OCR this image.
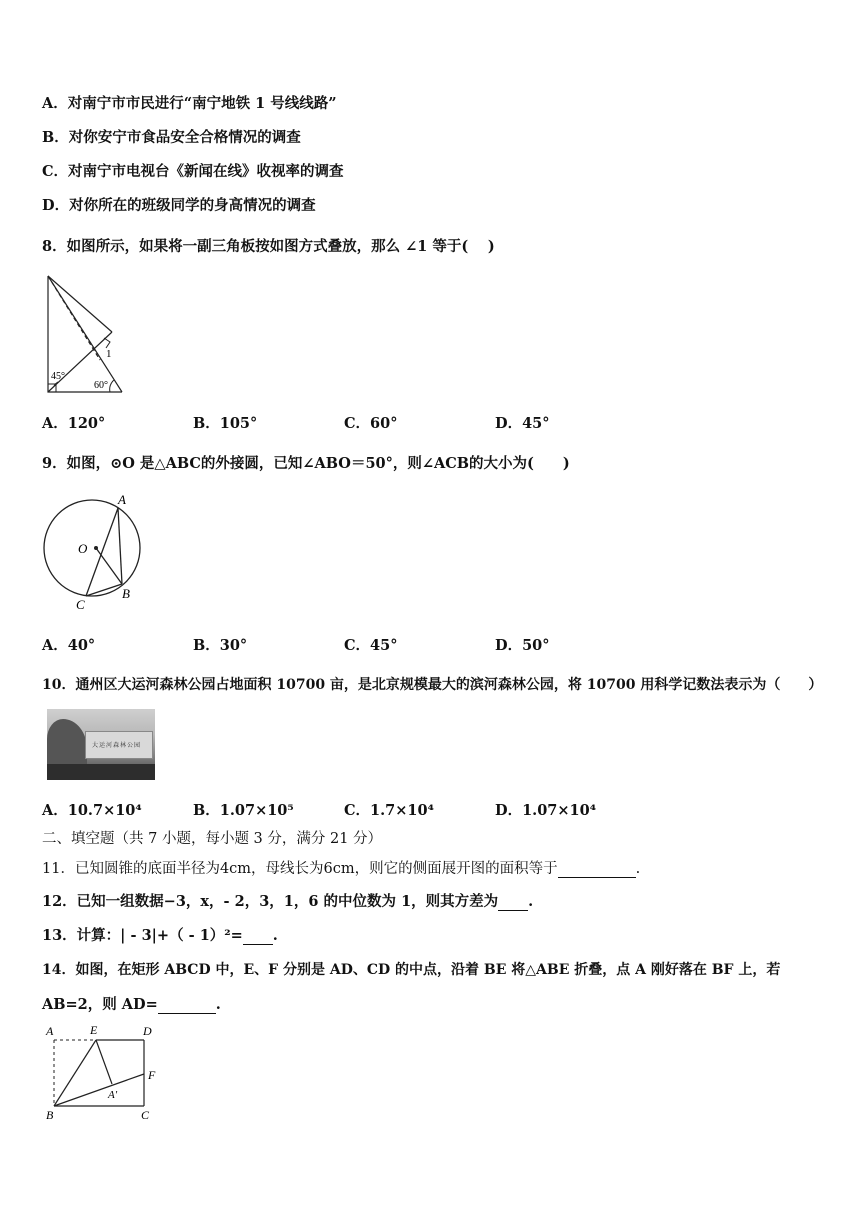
A．对南宁市市民进行“南宁地铁 1 号线线路”
B．对你安宁市食品安全合格情况的调查
C．对南宁市电视台《新闻在线》收视率的调查
D．对你所在的班级同学的身高情况的调查
8．如图所示，如果将一副三角板按如图方式叠放，那么 ∠1 等于(　 )
1
45°
60°
A．120°	B．105°	C．60°	D．45°
9．如图，⊙O 是△ABC的外接圆，已知∠ABO＝50°，则∠ACB的大小为(　　)
A
O
C
B
A．40°	B．30°	C．45°	D．50°
10．通州区大运河森林公园占地面积 10700 亩，是北京规模最大的滨河森林公园，将 10700 用科学记数法表示为（　　）
大运河森林公园
A．10.7×10⁴	B．1.07×10⁵	C．1.7×10⁴	D．1.07×10⁴
二、填空题（共 7 小题，每小题 3 分，满分 21 分）
11．已知圆锥的底面半径为4cm，母线长为6cm，则它的侧面展开图的面积等于	.
12．已知一组数据−3，x，- 2，3，1，6 的中位数为 1，则其方差为 .
13．计算：| - 3|+（ - 1）²= .
14．如图，在矩形 ABCD 中，E、F 分别是 AD、CD 的中点，沿着 BE 将△ABE 折叠，点 A 刚好落在 BF 上，若
AB=2，则 AD=	.
A	E	D
F
A′
B	C
